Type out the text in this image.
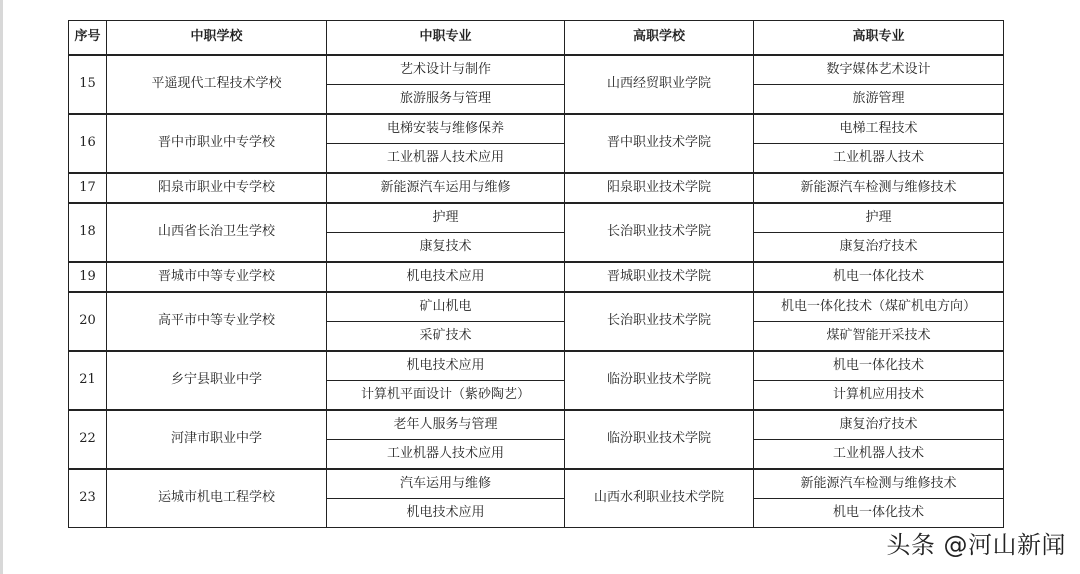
序号	中职学校	中职专业	高职学校	高职专业
15	平遥现代工程技术学校	艺术设计与制作	山西经贸职业学院	数字媒体艺术设计
		旅游服务与管理		旅游管理
16	晋中市职业中专学校	电梯安装与维修保养	晋中职业技术学院	电梯工程技术
		工业机器人技术应用		工业机器人技术
17	阳泉市职业中专学校	新能源汽车运用与维修	阳泉职业技术学院	新能源汽车检测与维修技术
18	山西省长治卫生学校	护理	长治职业技术学院	护理
		康复技术		康复治疗技术
19	晋城市中等专业学校	机电技术应用	晋城职业技术学院	机电一体化技术
20	高平市中等专业学校	矿山机电	长治职业技术学院	机电一体化技术（煤矿机电方向）
		采矿技术		煤矿智能开采技术
21	乡宁县职业中学	机电技术应用	临汾职业技术学院	机电一体化技术
		计算机平面设计（紫砂陶艺）		计算机应用技术
22	河津市职业中学	老年人服务与管理	临汾职业技术学院	康复治疗技术
		工业机器人技术应用		工业机器人技术
23	运城市机电工程学校	汽车运用与维修	山西水利职业技术学院	新能源汽车检测与维修技术
		机电技术应用		机电一体化技术
头条 @河山新闻
